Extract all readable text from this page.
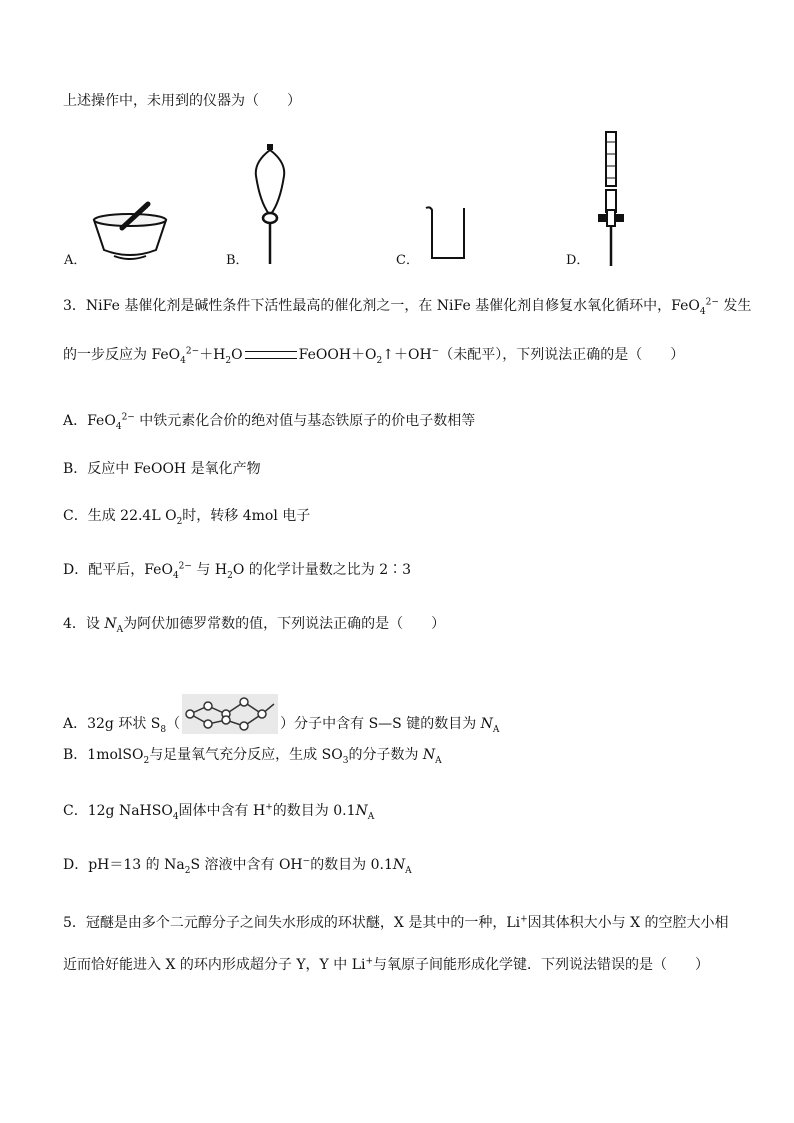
上述操作中，未用到的仪器为（　　）
A．	B．	C．	D．
3．NiFe 基催化剂是碱性条件下活性最高的催化剂之一，在 NiFe 基催化剂自修复水氧化循环中，FeO$_4^{2-}$ 发生
的一步反应为 $FeO_4^{2-}+H_2O$	$FeOOH+O_2↑+OH^-$（未配平），下列说法正确的是（　　）
A．FeO$_4^{2-}$ 中铁元素化合价的绝对值与基态铁原子的价电子数相等
B．反应中 FeOOH 是氧化产物
C．生成 22.4L $O_2$时，转移 4mol 电子
D．配平后，FeO$_4^{2-}$ 与 $H_2O$ 的化学计量数之比为 2∶3
4．设 $N_A$为阿伏加德罗常数的值，下列说法正确的是（　　）
A．32g 环状 $S_8$（	）分子中含有 S—S 键的数目为 $N_A$
B．1molSO$_2$与足量氧气充分反应，生成 $SO_3$的分子数为 $N_A$
C．12g NaHSO$_4$固体中含有 H+的数目为 $0.1N_A$
D．pH＝13 的 $Na_2S$ 溶液中含有 OH−的数目为 $0.1N_A$
5．冠醚是由多个二元醇分子之间失水形成的环状醚，X 是其中的一种，Li+因其体积大小与 X 的空腔大小相
近而恰好能进入 X 的环内形成超分子 Y，Y 中 Li+与氧原子间能形成化学键．下列说法错误的是（　　）
